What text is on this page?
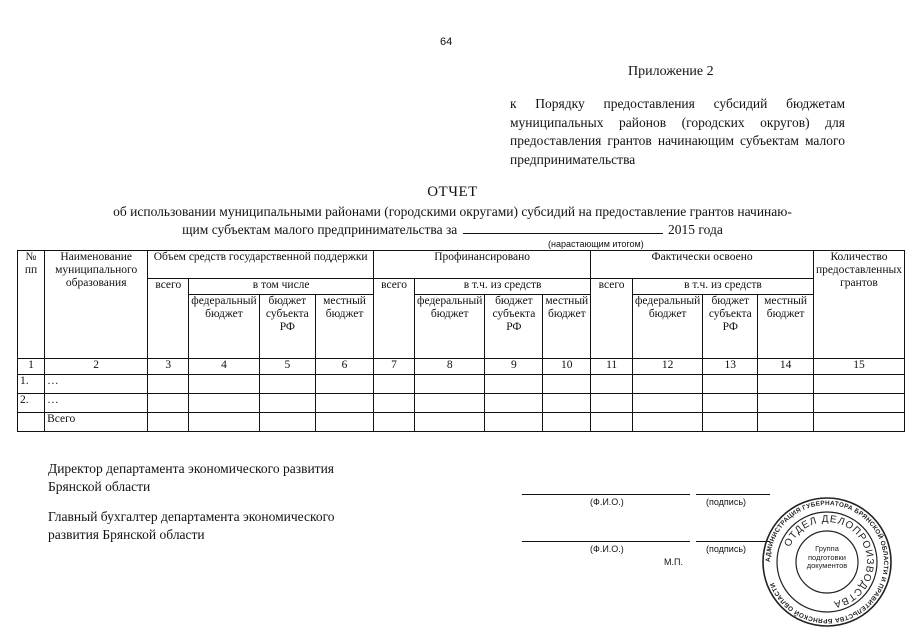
64
Приложение 2
к Порядку предоставления субсидий бюджетам муниципальных районов (городских округов) для предоставления грантов начинающим субъектам малого предпринимательства
ОТЧЕТ
об использовании муниципальными районами (городскими округами) субсидий на предоставление грантов начинаю-
щим субъектам малого предпринимательства за	2015 года
(нарастающим итогом)
№ пп	Наименование муниципального образования	Объем средств государственной поддержки				Профинансировано				Фактически освоено				Количество предоставленных грантов
		всего	в том числе			всего	в т.ч. из средств			всего	в т.ч. из средств			
			федеральный бюджет	бюджет субъекта РФ	местный бюджет		федеральный бюджет	бюджет субъекта РФ	местный бюджет		федеральный бюджет	бюджет субъекта РФ	местный бюджет	
1	2	3	4	5	6	7	8	9	10	11	12	13	14	15
1.	…													
2.	…													
	Всего													
Директор департамента экономического развития Брянской области
Главный бухгалтер департамента экономического развития Брянской области
(Ф.И.О.)	(подпись)
(Ф.И.О.)	(подпись)
М.П.	АДМИНИСТРАЦИЯ ГУБЕРНАТОРА БРЯНСКОЙ ОБЛАСТИ И ПРАВИТЕЛЬСТВА БРЯНСКОЙ ОБЛАСТИ
ОТДЕЛ ДЕЛОПРОИЗВОДСТВА
Группа подготовки документов
